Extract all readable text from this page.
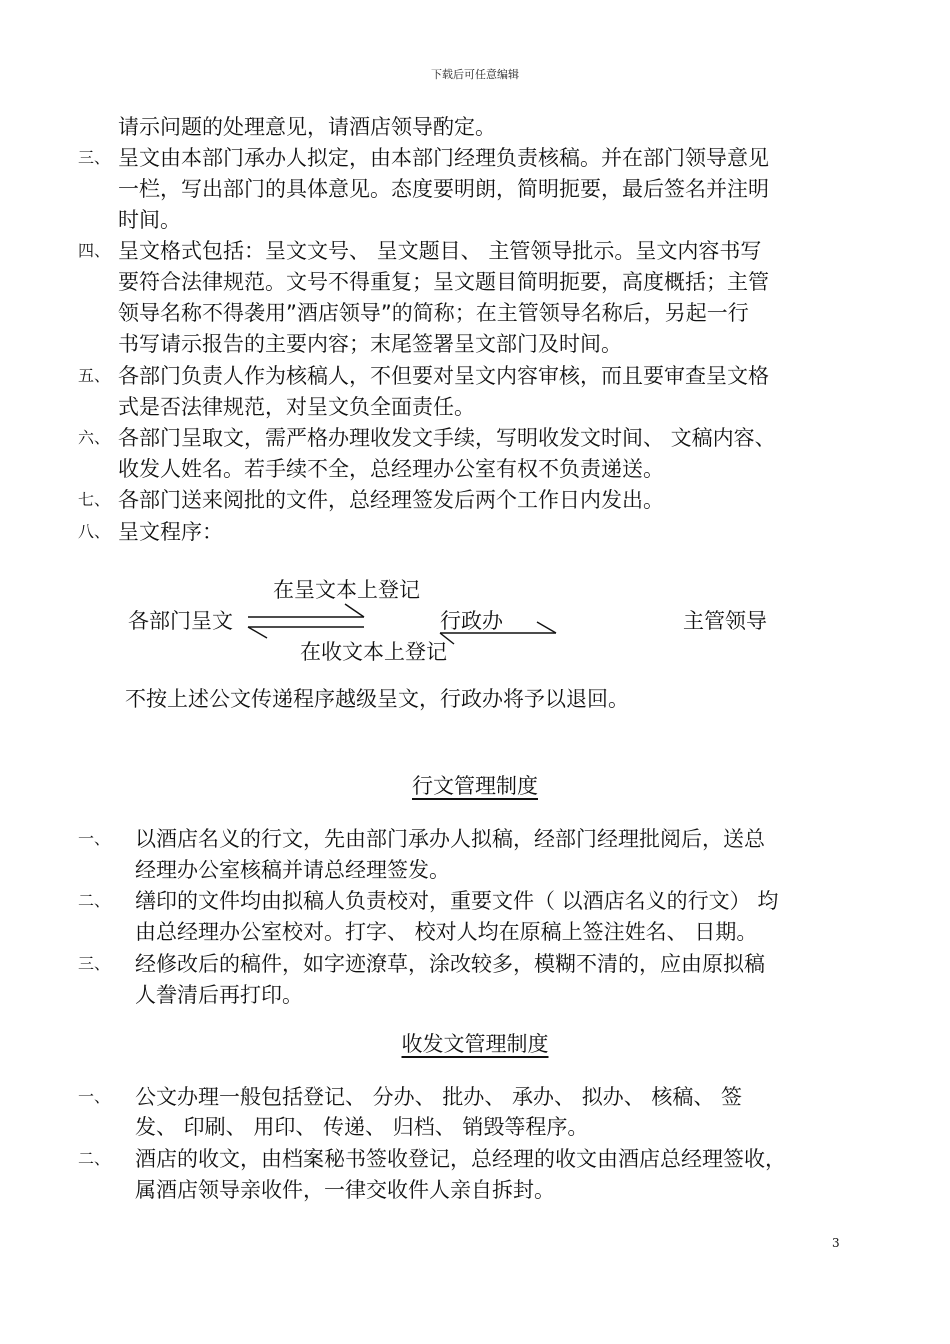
下载后可任意编辑
请示问题的处理意见，请酒店领导酌定。
三、 呈文由本部门承办人拟定，由本部门经理负责核稿。并在部门领导意见
一栏，写出部门的具体意见。态度要明朗，简明扼要，最后签名并注明
时间。
四、 呈文格式包括：呈文文号、 呈文题目、 主管领导批示。呈文内容书写
要符合法律规范。文号不得重复；呈文题目简明扼要，高度概括；主管
领导名称不得袭用”酒店领导”的简称；在主管领导名称后，另起一行
书写请示报告的主要内容；末尾签署呈文部门及时间。
五、 各部门负责人作为核稿人，不但要对呈文内容审核，而且要审查呈文格
式是否法律规范，对呈文负全面责任。
六、 各部门呈取文，需严格办理收发文手续，写明收发文时间、 文稿内容、
收发人姓名。若手续不全，总经理办公室有权不负责递送。
七、 各部门送来阅批的文件，总经理签发后两个工作日内发出。
八、 呈文程序：
在呈文本上登记
各部门呈文	行政办	主管领导
在收文本上登记
不按上述公文传递程序越级呈文，行政办将予以退回。
行文管理制度
一、 以酒店名义的行文，先由部门承办人拟稿，经部门经理批阅后，送总
经理办公室核稿并请总经理签发。
二、 缮印的文件均由拟稿人负责校对，重要文件（ 以酒店名义的行文） 均
由总经理办公室校对。打字、 校对人均在原稿上签注姓名、 日期。
三、 经修改后的稿件，如字迹潦草，涂改较多，模糊不清的，应由原拟稿
人誊清后再打印。
收发文管理制度
一、 公文办理一般包括登记、 分办、 批办、 承办、 拟办、 核稿、 签
发、 印刷、 用印、 传递、 归档、 销毁等程序。
二、 酒店的收文，由档案秘书签收登记，总经理的收文由酒店总经理签收，
属酒店领导亲收件，一律交收件人亲自拆封。
3
